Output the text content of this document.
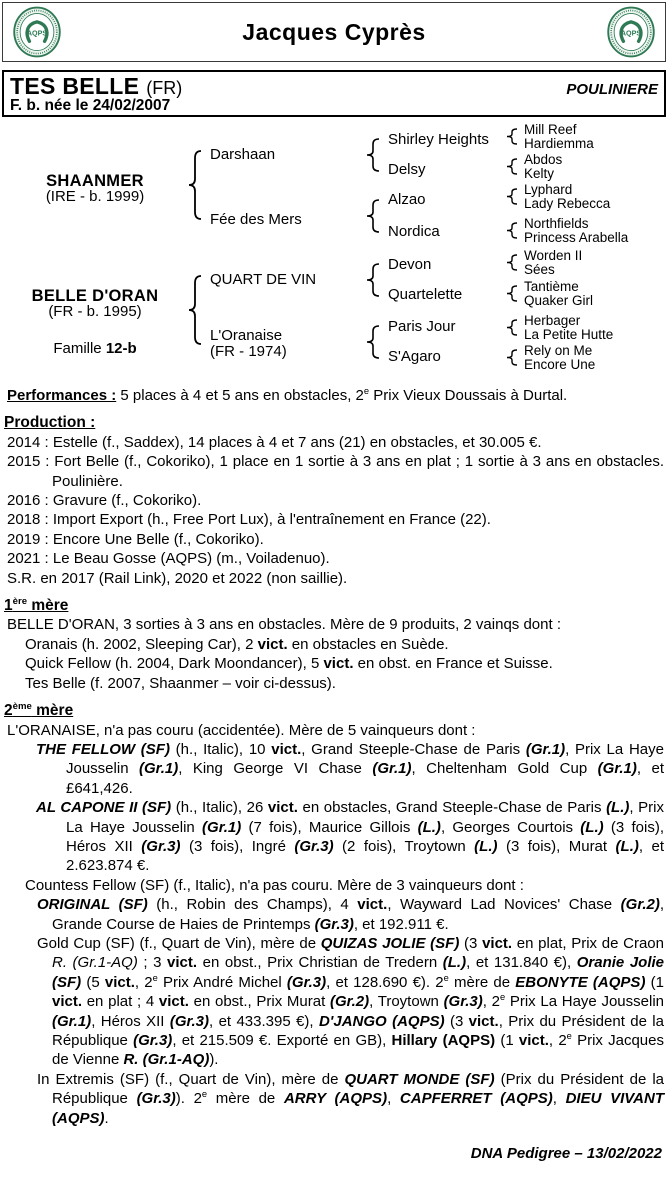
AQPS	Jacques Cyprès	AQPS
TES BELLE (FR)	POULINIERE
F. b. née le 24/02/2007
SHAANMER
(IRE - b. 1999)
BELLE D'ORAN
(FR - b. 1995)
Famille 12-b
Darshaan
Fée des Mers
QUART DE VIN
L'Oranaise
(FR - 1974)
Shirley Heights
Delsy
Alzao
Nordica
Devon
Quartelette
Paris Jour
S'Agaro
Mill Reef
Hardiemma
Abdos
Kelty
Lyphard
Lady Rebecca
Northfields
Princess Arabella
Worden II
Sées
Tantième
Quaker Girl
Herbager
La Petite Hutte
Rely on Me
Encore Une

Performances : 5 places à 4 et 5 ans en obstacles, 2e Prix Vieux Doussais à Durtal.

Production :

2014 : Estelle (f., Saddex), 14 places à 4 et 7 ans (21) en obstacles, et 30.005 €.

2015 : Fort Belle (f., Cokoriko), 1 place en 1 sortie à 3 ans en plat ; 1 sortie à 3 ans en obstacles. Poulinière.

2016 : Gravure (f., Cokoriko).

2018 : Import Export (h., Free Port Lux), à l'entraînement en France (22).

2019 : Encore Une Belle (f., Cokoriko).

2021 : Le Beau Gosse (AQPS) (m., Voiladenuo).

S.R. en 2017 (Rail Link), 2020 et 2022 (non saillie).

1ère mère

BELLE D'ORAN, 3 sorties à 3 ans en obstacles. Mère de 9 produits, 2 vainqs dont :

Oranais (h. 2002, Sleeping Car), 2 vict. en obstacles en Suède.

Quick Fellow (h. 2004, Dark Moondancer), 5 vict. en obst. en France et Suisse.

Tes Belle (f. 2007, Shaanmer – voir ci-dessus).

2ème mère

L'ORANAISE, n'a pas couru (accidentée). Mère de 5 vainqueurs dont :

THE FELLOW (SF) (h., Italic), 10 vict., Grand Steeple-Chase de Paris (Gr.1), Prix La Haye Jousselin (Gr.1), King George VI Chase (Gr.1), Cheltenham Gold Cup (Gr.1), et £641,426.

AL CAPONE II (SF) (h., Italic), 26 vict. en obstacles, Grand Steeple-Chase de Paris (L.), Prix La Haye Jousselin (Gr.1) (7 fois), Maurice Gillois (L.), Georges Courtois (L.) (3 fois), Héros XII (Gr.3) (3 fois), Ingré (Gr.3) (2 fois), Troytown (L.) (3 fois), Murat (L.), et 2.623.874 €.

Countess Fellow (SF) (f., Italic), n'a pas couru. Mère de 3 vainqueurs dont :

ORIGINAL (SF) (h., Robin des Champs), 4 vict., Wayward Lad Novices' Chase (Gr.2), Grande Course de Haies de Printemps (Gr.3), et 192.911 €.

Gold Cup (SF) (f., Quart de Vin), mère de QUIZAS JOLIE (SF) (3 vict. en plat, Prix de Craon R. (Gr.1-AQ) ; 3 vict. en obst., Prix Christian de Tredern (L.), et 131.840 €), Oranie Jolie (SF) (5 vict., 2e Prix André Michel (Gr.3), et 128.690 €). 2e mère de EBONYTE (AQPS) (1 vict. en plat ; 4 vict. en obst., Prix Murat (Gr.2), Troytown (Gr.3), 2e Prix La Haye Jousselin (Gr.1), Héros XII (Gr.3), et 433.395 €), D'JANGO (AQPS) (3 vict., Prix du Président de la République (Gr.3), et 215.509 €. Exporté en GB), Hillary (AQPS) (1 vict., 2e Prix Jacques de Vienne R. (Gr.1-AQ)).

In Extremis (SF) (f., Quart de Vin), mère de QUART MONDE (SF) (Prix du Président de la République (Gr.3)). 2e mère de ARRY (AQPS), CAPFERRET (AQPS), DIEU VIVANT (AQPS).

DNA Pedigree – 13/02/2022
